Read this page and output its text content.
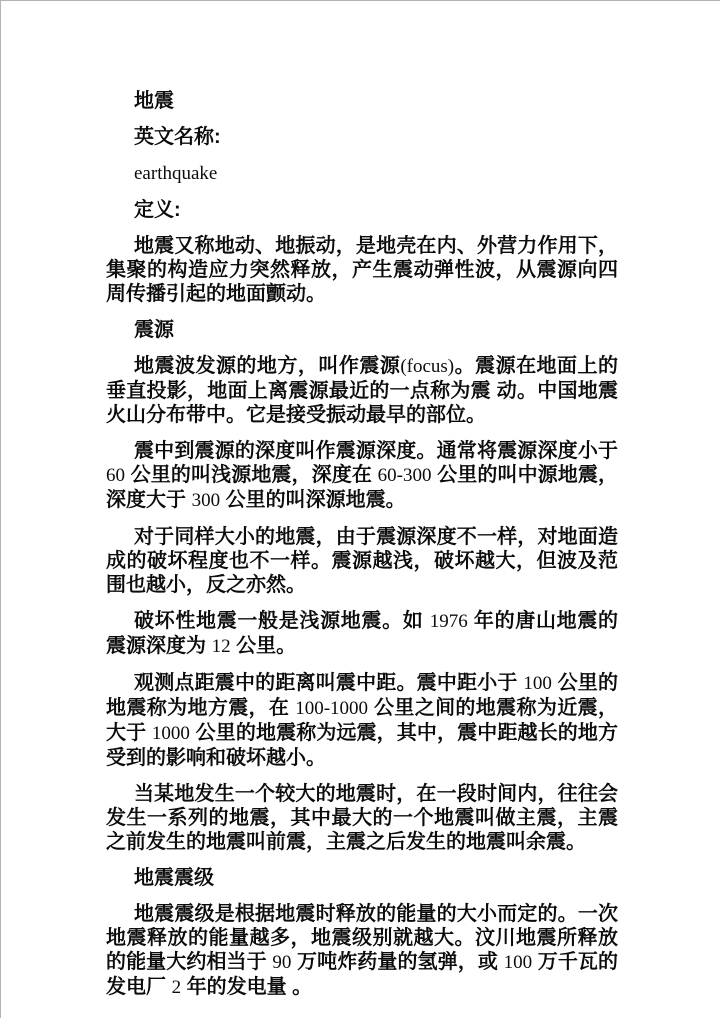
地震

英文名称:

earthquake

定义:

地震又称地动、地振动，是地壳在内、外营力作用下，集聚的构造应力突然释放，产生震动弹性波，从震源向四周传播引起的地面颤动。

震源

地震波发源的地方，叫作震源(focus)。震源在地面上的垂直投影，地面上离震源最近的一点称为震 动。中国地震火山分布带中。它是接受振动最早的部位。

震中到震源的深度叫作震源深度。通常将震源深度小于 60 公里的叫浅源地震，深度在 60-300 公里的叫中源地震，深度大于 300 公里的叫深源地震。

对于同样大小的地震，由于震源深度不一样，对地面造成的破坏程度也不一样。震源越浅，破坏越大，但波及范围也越小，反之亦然。

破坏性地震一般是浅源地震。如 1976 年的唐山地震的震源深度为 12 公里。

观测点距震中的距离叫震中距。震中距小于 100 公里的地震称为地方震，在 100-1000 公里之间的地震称为近震，大于 1000 公里的地震称为远震，其中，震中距越长的地方受到的影响和破坏越小。

当某地发生一个较大的地震时，在一段时间内，往往会发生一系列的地震，其中最大的一个地震叫做主震，主震之前发生的地震叫前震，主震之后发生的地震叫余震。

地震震级

地震震级是根据地震时释放的能量的大小而定的。一次地震释放的能量越多，地震级别就越大。汶川地震所释放的能量大约相当于 90 万吨炸药量的氢弹，或 100 万千瓦的发电厂 2 年的发电量 。
